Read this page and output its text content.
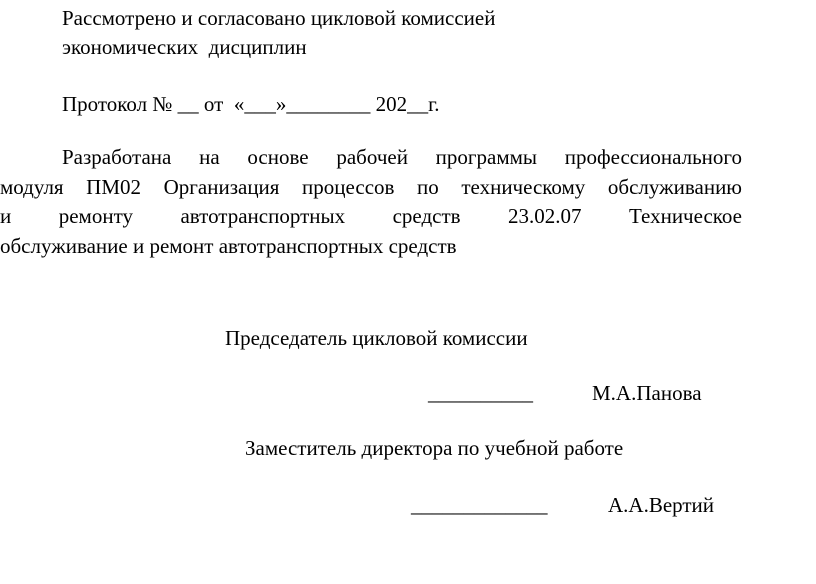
Рассмотрено и согласовано цикловой комиссией
экономических  дисциплин
Протокол № __ от  «___»________ 202__г.
Разработана на основе рабочей программы профессионального
модуля ПМ02 Организация процессов по техническому обслуживанию
и ремонту автотранспортных средств 23.02.07 Техническое
обслуживание и ремонт автотранспортных средств
Председатель цикловой комиссии
__________	М.А.Панова
Заместитель директора по учебной работе
_____________	А.А.Вертий
